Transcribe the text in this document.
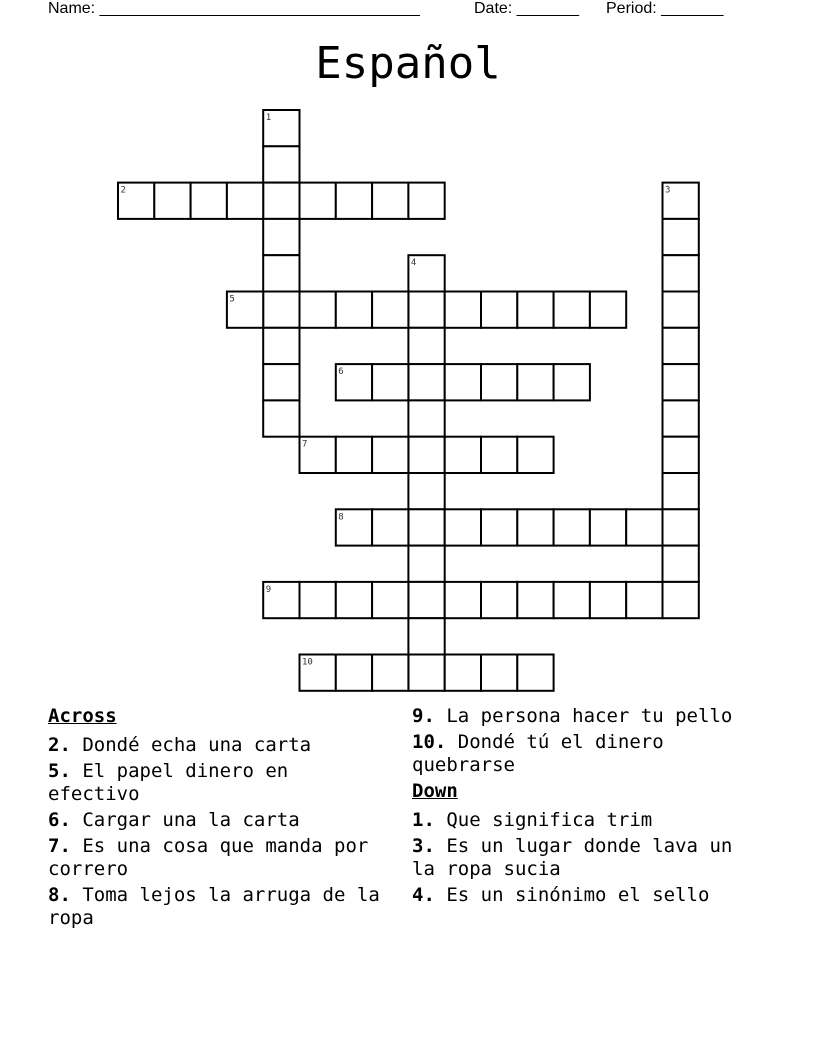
Name: ____________________________________	Date: _______ Period: _______
Español
1
2	3
4
5
6
7
8
9
10
Across
2. Dondé echa una carta
5. El papel dinero en efectivo
6. Cargar una la carta
7. Es una cosa que manda por correro
8. Toma lejos la arruga de la ropa
9. La persona hacer tu pello
10. Dondé tú el dinero quebrarse
Down
1. Que significa trim
3. Es un lugar donde lava un la ropa sucia
4. Es un sinónimo el sello
